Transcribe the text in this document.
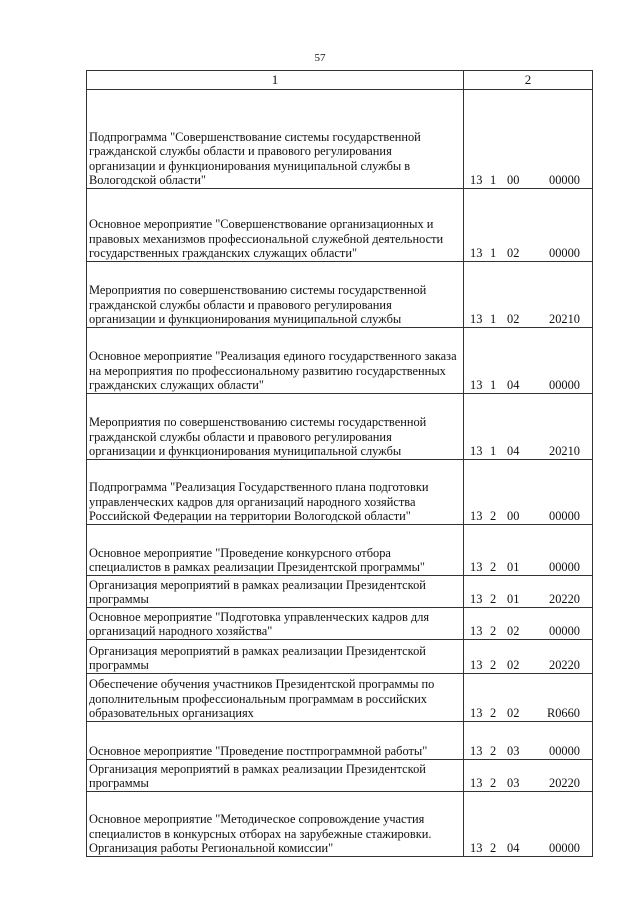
57
1	2
Подпрограмма "Совершенствование системы государственной гражданской службы области и правового регулирования организации и функционирования муниципальной службы в Вологодской области"	13 1 00 00000

Основное мероприятие "Совершенствование организационных и правовых механизмов профессиональной служебной деятельности государственных гражданских служащих области"	13 1 02 00000

Мероприятия по совершенствованию системы государственной гражданской службы области и правового регулирования организации и функционирования муниципальной службы	13 1 02 20210

Основное мероприятие "Реализация единого государственного заказа на мероприятия по профессиональному развитию государственных гражданских служащих области"	13 1 04 00000

Мероприятия по совершенствованию системы государственной гражданской службы области и правового регулирования организации и функционирования муниципальной службы	13 1 04 20210

Подпрограмма "Реализация Государственного плана подготовки управленческих кадров для организаций народного хозяйства Российской Федерации на территории Вологодской области"	13 2 00 00000

Основное мероприятие "Проведение конкурсного отбора специалистов в рамках реализации Президентской программы"	13 2 01 00000

Организация мероприятий в рамках реализации Президентской программы	13 2 01 20220

Основное мероприятие "Подготовка управленческих кадров для организаций народного хозяйства"	13 2 02 00000

Организация мероприятий в рамках реализации Президентской программы	13 2 02 20220

Обеспечение обучения участников Президентской программы по дополнительным профессиональным программам в российских образовательных организациях	13 2 02 R0660

Основное мероприятие "Проведение постпрограммной работы"	13 2 03 00000

Организация мероприятий в рамках реализации Президентской программы	13 2 03 20220

Основное мероприятие "Методическое сопровождение участия специалистов в конкурсных отборах на зарубежные стажировки. Организация работы Региональной комиссии"	13 2 04 00000
